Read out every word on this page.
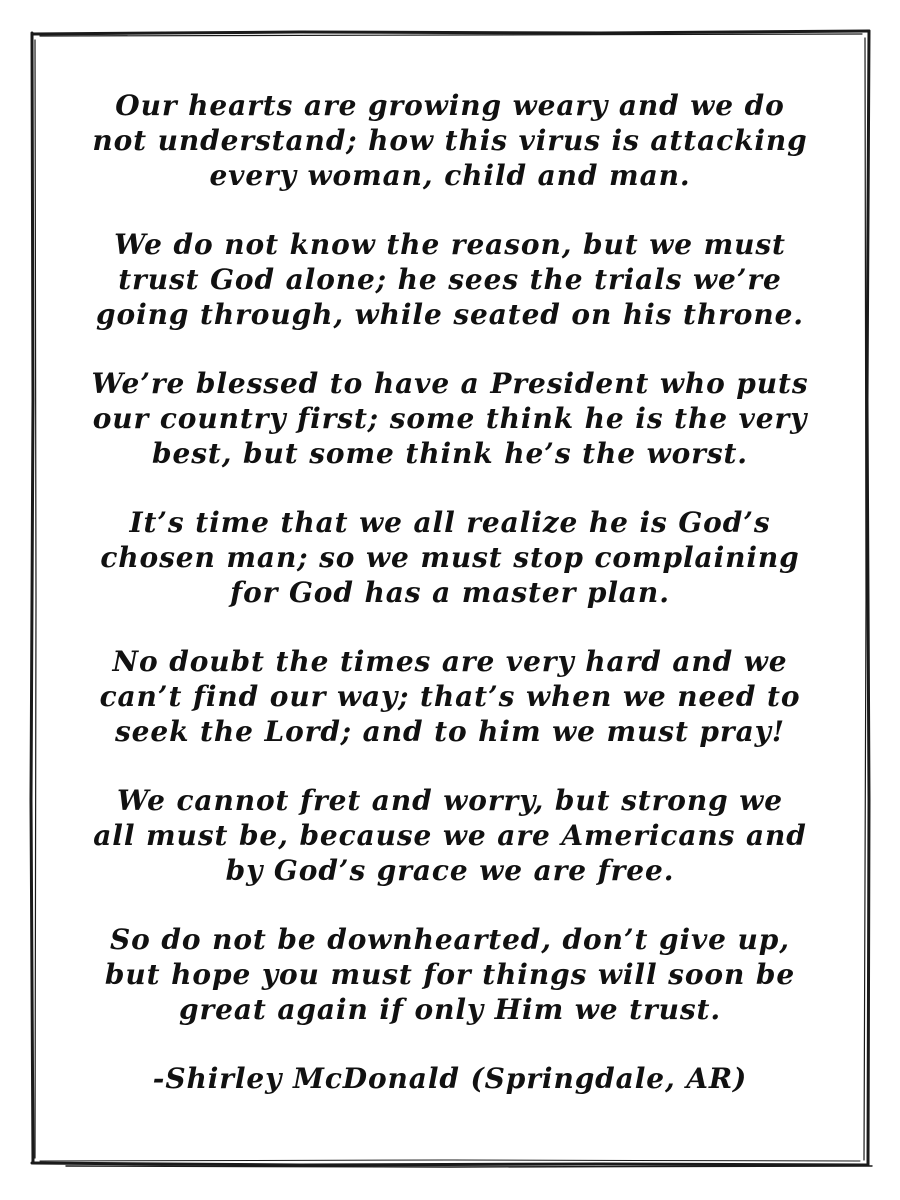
Our hearts are growing weary and we do
not understand; how this virus is attacking
every woman, child and man.
We do not know the reason, but we must
trust God alone; he sees the trials we’re
going through, while seated on his throne.
We’re blessed to have a President who puts
our country first; some think he is the very
best, but some think he’s the worst.
It’s time that we all realize he is God’s
chosen man; so we must stop complaining
for God has a master plan.
No doubt the times are very hard and we
can’t find our way; that’s when we need to
seek the Lord; and to him we must pray!
We cannot fret and worry, but strong we
all must be, because we are Americans and
by God’s grace we are free.
So do not be downhearted, don’t give up,
but hope you must for things will soon be
great again if only Him we trust.
-Shirley McDonald (Springdale, AR)
